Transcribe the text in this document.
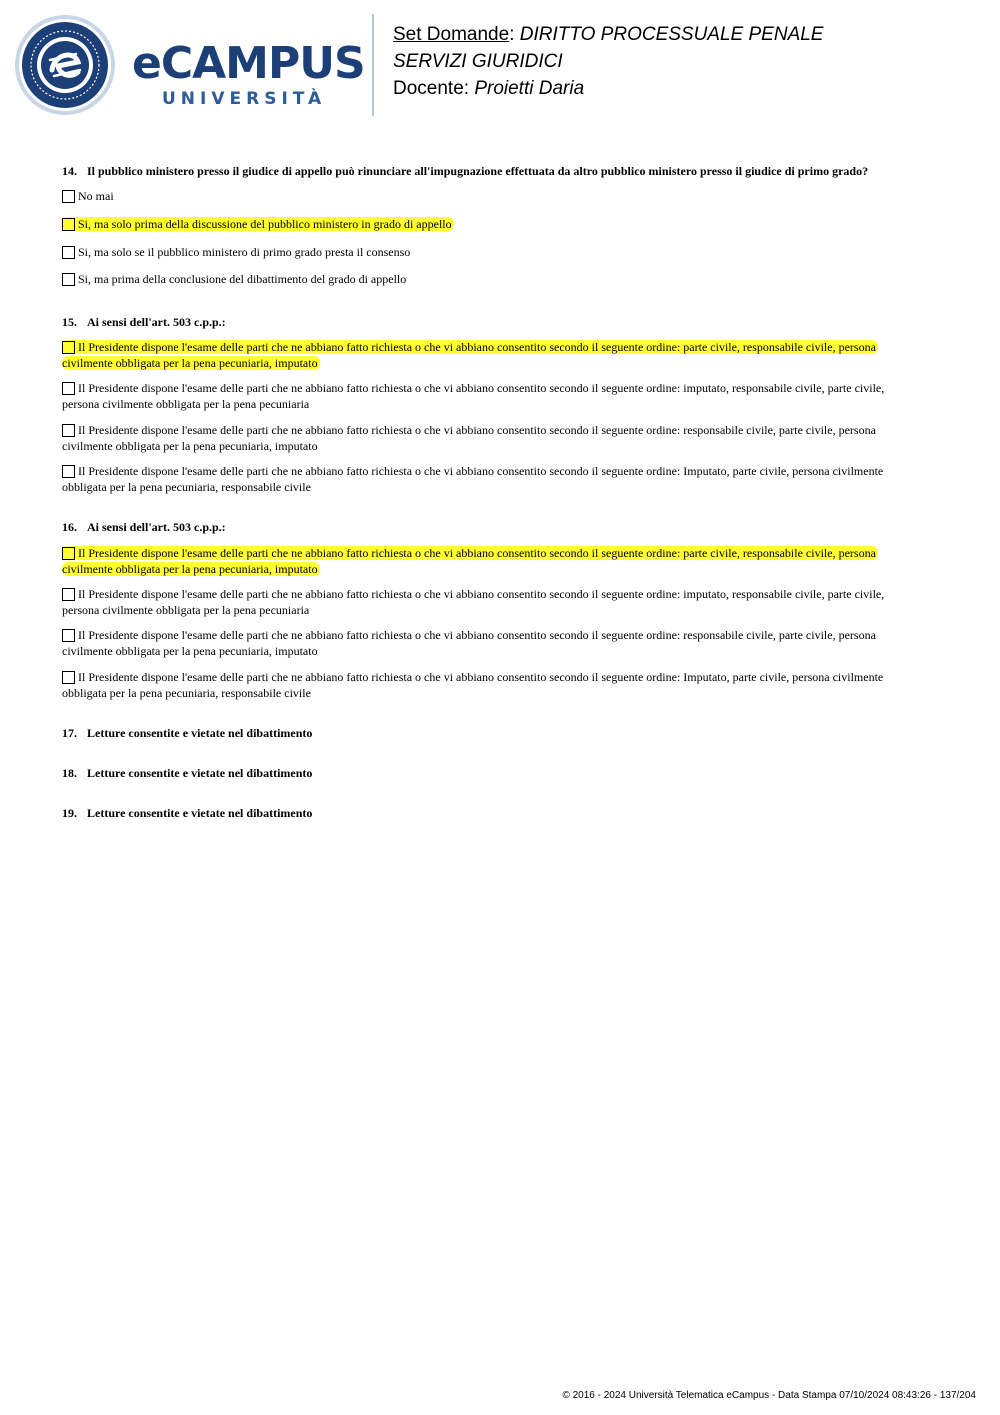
eCAMPUS
UNIVERSITÀ
Set Domande: DIRITTO PROCESSUALE PENALE
SERVIZI GIURIDICI
Docente: Proietti Daria
14. Il pubblico ministero presso il giudice di appello può rinunciare all'impugnazione effettuata da altro pubblico ministero presso il giudice di primo grado?
No mai
Si, ma solo prima della discussione del pubblico ministero in grado di appello
Si, ma solo se il pubblico ministero di primo grado presta il consenso
Si, ma prima della conclusione del dibattimento del grado di appello
15. Ai sensi dell'art. 503 c.p.p.:
Il Presidente dispone l'esame delle parti che ne abbiano fatto richiesta o che vi abbiano consentito secondo il seguente ordine: parte civile, responsabile civile, persona civilmente obbligata per la pena pecuniaria, imputato
Il Presidente dispone l'esame delle parti che ne abbiano fatto richiesta o che vi abbiano consentito secondo il seguente ordine: imputato, responsabile civile, parte civile, persona civilmente obbligata per la pena pecuniaria
Il Presidente dispone l'esame delle parti che ne abbiano fatto richiesta o che vi abbiano consentito secondo il seguente ordine: responsabile civile, parte civile, persona civilmente obbligata per la pena pecuniaria, imputato
Il Presidente dispone l'esame delle parti che ne abbiano fatto richiesta o che vi abbiano consentito secondo il seguente ordine: Imputato, parte civile, persona civilmente obbligata per la pena pecuniaria, responsabile civile
16. Ai sensi dell'art. 503 c.p.p.:
Il Presidente dispone l'esame delle parti che ne abbiano fatto richiesta o che vi abbiano consentito secondo il seguente ordine: parte civile, responsabile civile, persona civilmente obbligata per la pena pecuniaria, imputato
Il Presidente dispone l'esame delle parti che ne abbiano fatto richiesta o che vi abbiano consentito secondo il seguente ordine: imputato, responsabile civile, parte civile, persona civilmente obbligata per la pena pecuniaria
Il Presidente dispone l'esame delle parti che ne abbiano fatto richiesta o che vi abbiano consentito secondo il seguente ordine: responsabile civile, parte civile, persona civilmente obbligata per la pena pecuniaria, imputato
Il Presidente dispone l'esame delle parti che ne abbiano fatto richiesta o che vi abbiano consentito secondo il seguente ordine: Imputato, parte civile, persona civilmente obbligata per la pena pecuniaria, responsabile civile
17. Letture consentite e vietate nel dibattimento
18. Letture consentite e vietate nel dibattimento
19. Letture consentite e vietate nel dibattimento
© 2016 - 2024 Università Telematica eCampus - Data Stampa 07/10/2024 08:43:26 - 137/204
